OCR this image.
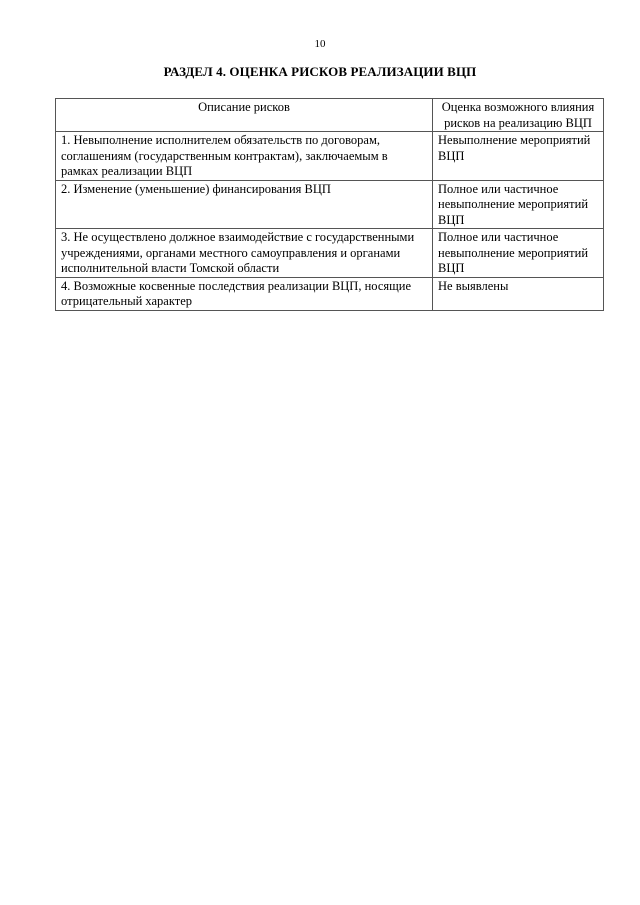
10
РАЗДЕЛ 4. ОЦЕНКА РИСКОВ РЕАЛИЗАЦИИ ВЦП
Описание рисков	Оценка возможного влияния рисков на реализацию ВЦП
1. Невыполнение исполнителем обязательств по договорам, соглашениям (государственным контрактам), заключаемым в рамках реализации ВЦП	Невыполнение мероприятий ВЦП
2. Изменение (уменьшение) финансирования ВЦП	Полное или частичное невыполнение мероприятий ВЦП
3. Не осуществлено должное взаимодействие с государственными учреждениями, органами местного самоуправления и органами исполнительной власти Томской области	Полное или частичное невыполнение мероприятий ВЦП
4. Возможные косвенные последствия реализации ВЦП, носящие отрицательный характер	Не выявлены
